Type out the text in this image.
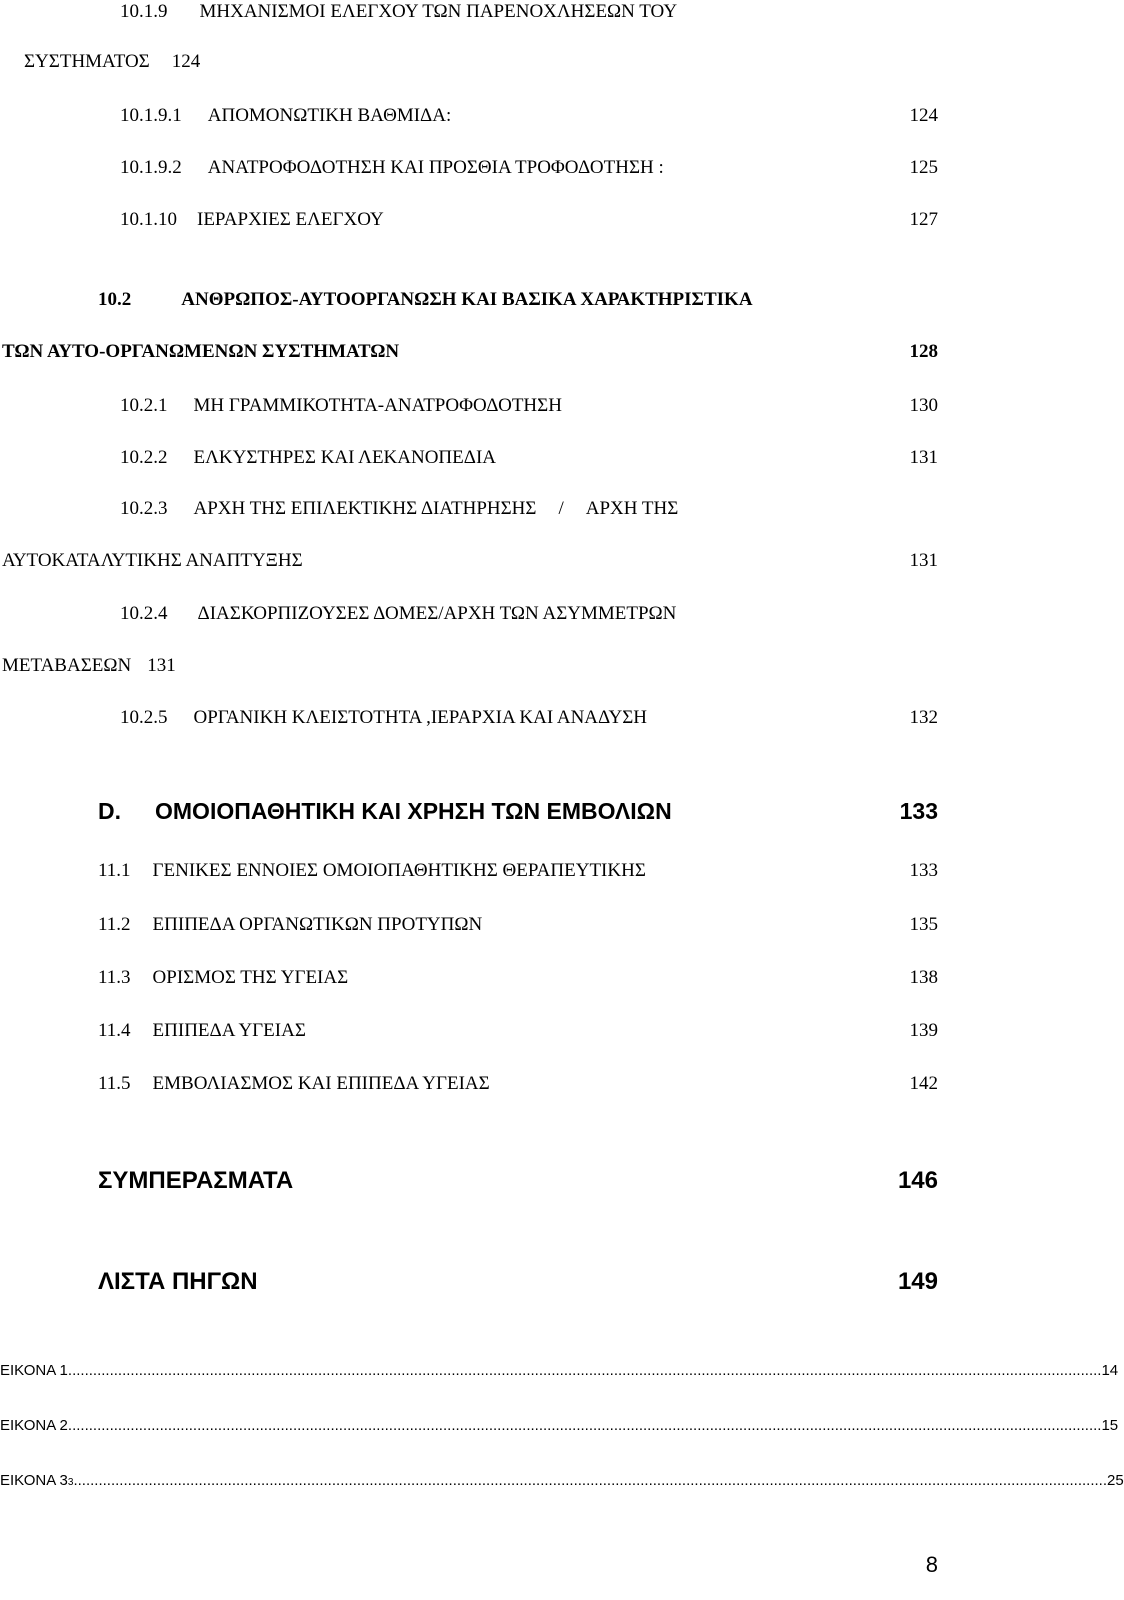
10.1.9 ΜΗΧΑΝΙΣΜΟΙ ΕΛΕΓΧΟΥ ΤΩΝ ΠΑΡΕΝΟΧΛΗΣΕΩΝ ΤΟΥ
ΣΥΣΤΗΜΑΤΟΣ 124
10.1.9.1 ΑΠΟΜΟΝΩΤΙΚΗ ΒΑΘΜΙΔΑ:	124
10.1.9.2 ΑΝΑΤΡΟΦΟΔΟΤΗΣΗ ΚΑΙ ΠΡΟΣΘΙΑ ΤΡΟΦΟΔΟΤΗΣΗ :	125
10.1.10 ΙΕΡΑΡΧΙΕΣ ΕΛΕΓΧΟΥ	127
10.2	ΑΝΘΡΩΠΟΣ-ΑΥΤΟΟΡΓΑΝΩΣΗ ΚΑΙ ΒΑΣΙΚΑ ΧΑΡΑΚΤΗΡΙΣΤΙΚΑ
ΤΩΝ ΑΥΤΟ-ΟΡΓΑΝΩΜΕΝΩΝ ΣΥΣΤΗΜΑΤΩΝ	128
10.2.1 ΜΗ ΓΡΑΜΜΙΚΟΤΗΤΑ-ΑΝΑΤΡΟΦΟΔΟΤΗΣΗ	130
10.2.2 ΕΛΚΥΣΤΗΡΕΣ ΚΑΙ ΛΕΚΑΝΟΠΕΔΙΑ	131
10.2.3 ΑΡΧΗ ΤΗΣ ΕΠΙΛΕΚΤΙΚΗΣ ΔΙΑΤΗΡΗΣΗΣ / ΑΡΧΗ ΤΗΣ
ΑΥΤΟΚΑΤΑΛΥΤΙΚΗΣ ΑΝΑΠΤΥΞΗΣ	131
10.2.4 ΔΙΑΣΚΟΡΠΙΖΟΥΣΕΣ ΔΟΜΕΣ/ΑΡΧΗ ΤΩΝ ΑΣΥΜΜΕΤΡΩΝ
ΜΕΤΑΒΑΣΕΩΝ 131
10.2.5 ΟΡΓΑΝΙΚΗ ΚΛΕΙΣΤΟΤΗΤΑ ,ΙΕΡΑΡΧΙΑ ΚΑΙ ΑΝΑΔΥΣΗ	132
D. ΟΜΟΙΟΠΑΘΗΤΙΚΗ ΚΑΙ ΧΡΗΣΗ ΤΩΝ ΕΜΒΟΛΙΩΝ	133
11.1 ΓΕΝΙΚΕΣ ΕΝΝΟΙΕΣ ΟΜΟΙΟΠΑΘΗΤΙΚΗΣ ΘΕΡΑΠΕΥΤΙΚΗΣ	133
11.2 ΕΠΙΠΕΔΑ ΟΡΓΑΝΩΤΙΚΩΝ ΠΡΟΤΥΠΩΝ	135
11.3 ΟΡΙΣΜΟΣ ΤΗΣ ΥΓΕΙΑΣ	138
11.4 ΕΠΙΠΕΔΑ ΥΓΕΙΑΣ	139
11.5 ΕΜΒΟΛΙΑΣΜΟΣ ΚΑΙ ΕΠΙΠΕΔΑ ΥΓΕΙΑΣ	142
ΣΥΜΠΕΡΑΣΜΑΤΑ	146
ΛΙΣΤΑ ΠΗΓΩΝ	149
ΕΙΚΟΝΑ 1 ........................................................................................................................................................................................................................................................ 14
ΕΙΚΟΝΑ 2 ........................................................................................................................................................................................................................................................ 15
ΕΙΚΟΝΑ 3 3 ........................................................................................................................................................................................................................................................ 25
8
